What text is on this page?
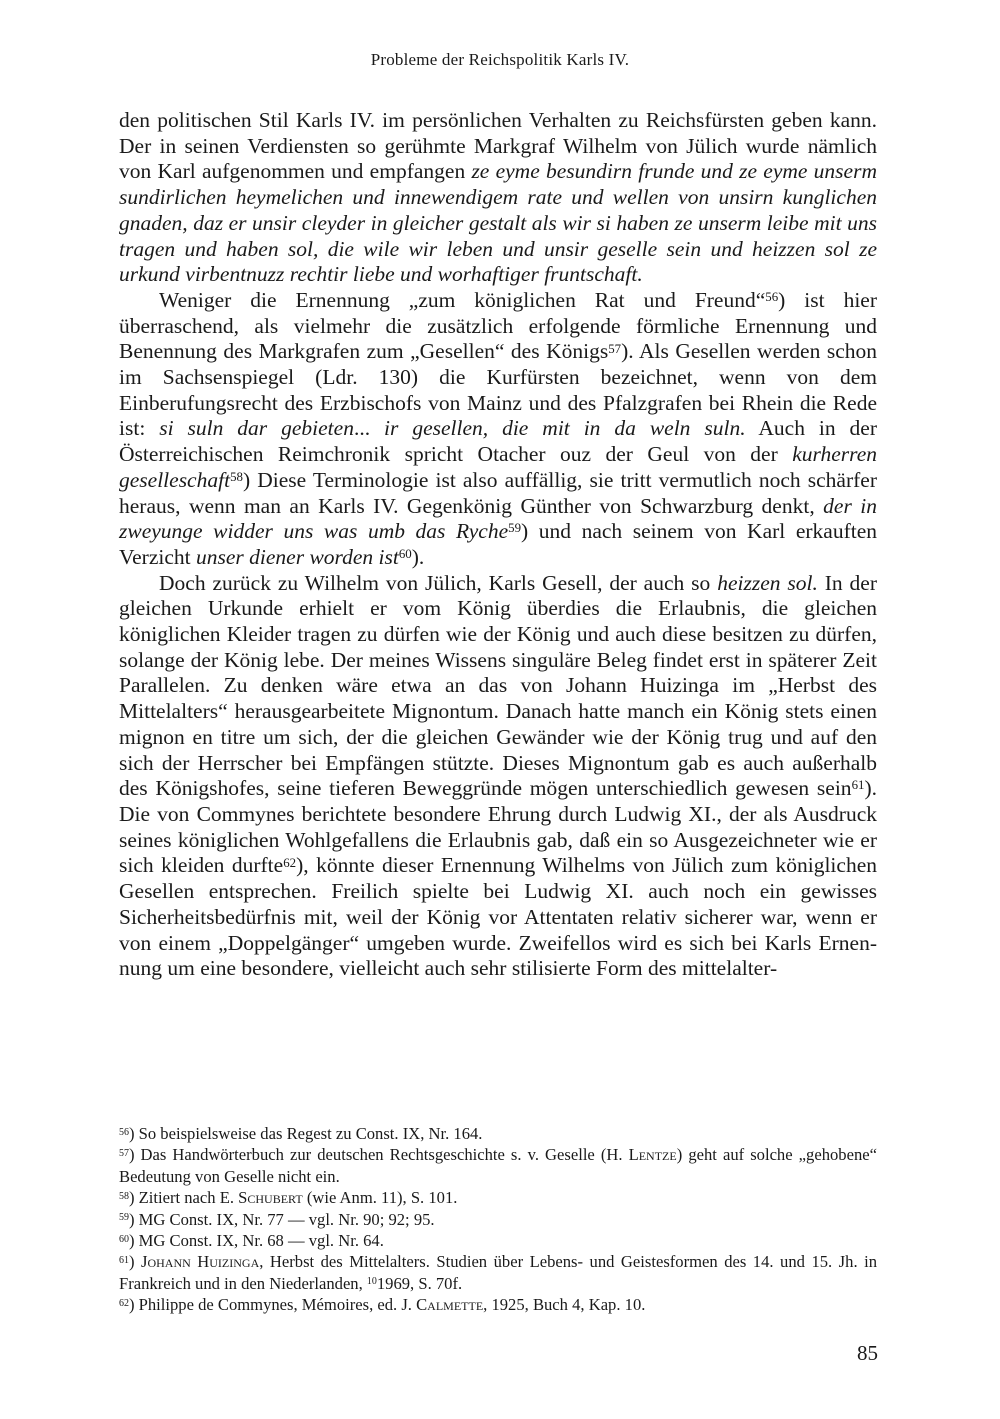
Probleme der Reichspolitik Karls IV.

den politischen Stil Karls IV. im persönlichen Verhalten zu Reichsfürsten geben kann. Der in seinen Verdiensten so gerühmte Markgraf Wilhelm von Jülich wurde nämlich von Karl aufgenommen und empfangen ze eyme besundirn frunde und ze eyme unserm sundirlichen heymelichen und innewendigem rate und wellen von unsirn kunglichen gnaden, daz er unsir cleyder in gleicher gestalt als wir si haben ze unserm leibe mit uns tragen und haben sol, die wile wir leben und unsir geselle sein und heizzen sol ze urkund virbentnuzz rechtir liebe und worhaftiger fruntschaft.

Weniger die Ernennung „zum königlichen Rat und Freund“$^{56}$) ist hier überraschend, als vielmehr die zusätzlich erfolgende förmliche Ernennung und Benennung des Markgrafen zum „Gesellen“ des Königs$^{57}$). Als Gesellen werden schon im Sachsenspiegel (Ldr. 130) die Kurfürsten bezeichnet, wenn von dem Einberufungsrecht des Erzbischofs von Mainz und des Pfalzgrafen bei Rhein die Rede ist: si suln dar gebieten... ir gesellen, die mit in da weln suln. Auch in der Österreichischen Reimchronik spricht Otacher ouz der Geul von der kurherren geselleschaft$^{58}$) Diese Terminologie ist also auffällig, sie tritt vermutlich noch schärfer heraus, wenn man an Karls IV. Gegenkönig Günther von Schwarzburg denkt, der in zweyunge widder uns was umb das Ryche$^{59}$) und nach seinem von Karl erkauften Verzicht unser diener worden ist$^{60}$).

Doch zurück zu Wilhelm von Jülich, Karls Gesell, der auch so heizzen sol. In der gleichen Urkunde erhielt er vom König überdies die Erlaubnis, die gleichen königlichen Kleider tragen zu dürfen wie der König und auch diese besitzen zu dürfen, solange der König lebe. Der meines Wissens singuläre Beleg findet erst in späterer Zeit Parallelen. Zu denken wäre etwa an das von Johann Huizinga im „Herbst des Mittelalters“ herausgearbeitete Mignontum. Danach hatte manch ein König stets einen mignon en titre um sich, der die gleichen Gewänder wie der König trug und auf den sich der Herrscher bei Empfängen stützte. Dieses Mignontum gab es auch außerhalb des Königshofes, seine tieferen Beweggründe mögen unterschiedlich gewesen sein$^{61}$). Die von Commynes berichtete besondere Ehrung durch Ludwig XI., der als Ausdruck seines königlichen Wohlgefallens die Erlaubnis gab, daß ein so Ausgezeichneter wie er sich kleiden durfte$^{62}$), könnte dieser Ernennung Wilhelms von Jülich zum königlichen Gesellen entsprechen. Freilich spielte bei Ludwig XI. auch noch ein gewisses Sicherheitsbedürfnis mit, weil der König vor Attentaten relativ sicherer war, wenn er von einem „Doppelgänger“ umgeben wurde. Zweifellos wird es sich bei Karls Ernennung um eine besondere, vielleicht auch sehr stilisierte Form des mittelalter-

$^{56}$) So beispielsweise das Regest zu Const. IX, Nr. 164.

$^{57}$) Das Handwörterbuch zur deutschen Rechtsgeschichte s. v. Geselle (H. Lentze) geht auf solche „gehobene“ Bedeutung von Geselle nicht ein.

$^{58}$) Zitiert nach E. Schubert (wie Anm. 11), S. 101.

$^{59}$) MG Const. IX, Nr. 77 — vgl. Nr. 90; 92; 95.

$^{60}$) MG Const. IX, Nr. 68 — vgl. Nr. 64.

$^{61}$) Johann Huizinga, Herbst des Mittelalters. Studien über Lebens- und Geistesformen des 14. und 15. Jh. in Frankreich und in den Niederlanden, $^{10}$1969, S. 70f.

$^{62}$) Philippe de Commynes, Mémoires, ed. J. Calmette, 1925, Buch 4, Kap. 10.

85
